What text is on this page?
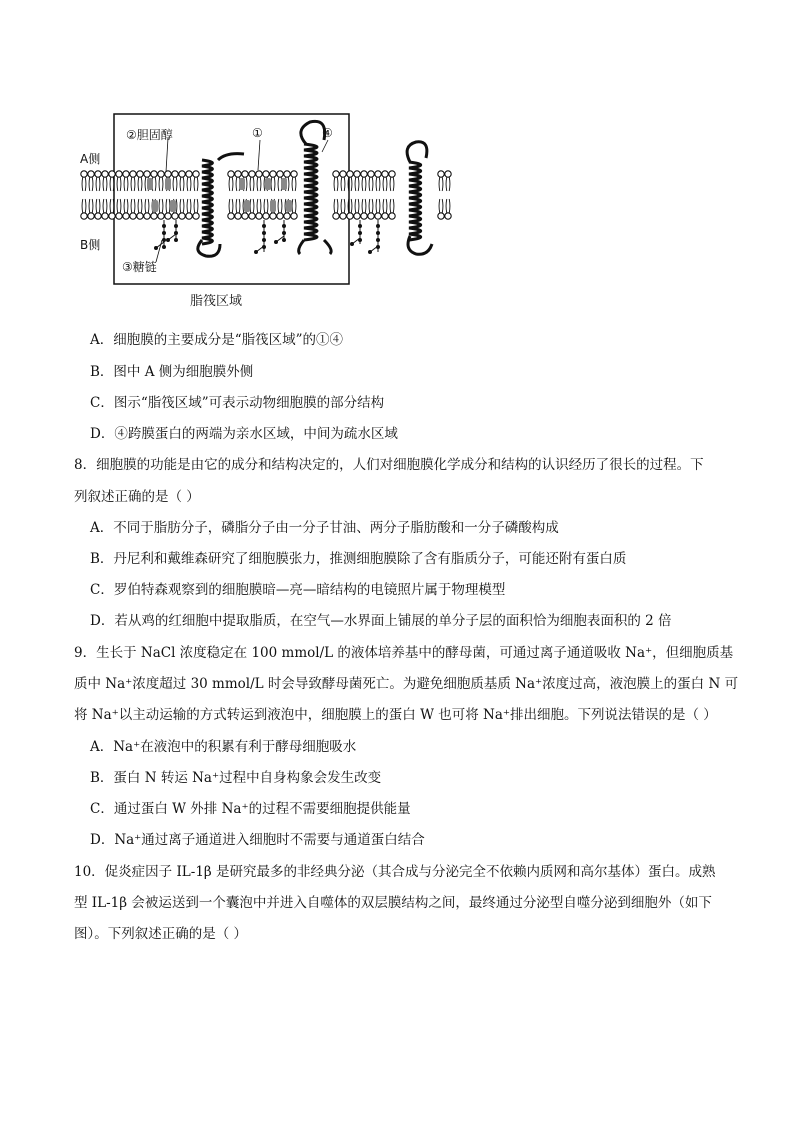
A侧
B侧
②胆固醇	①	④
③糖链
脂筏区域
A．细胞膜的主要成分是“脂筏区域”的①④
B．图中 A 侧为细胞膜外侧
C．图示“脂筏区域”可表示动物细胞膜的部分结构
D．④跨膜蛋白的两端为亲水区域，中间为疏水区域
8．细胞膜的功能是由它的成分和结构决定的，人们对细胞膜化学成分和结构的认识经历了很长的过程。下
列叙述正确的是（ ）
A．不同于脂肪分子，磷脂分子由一分子甘油、两分子脂肪酸和一分子磷酸构成
B．丹尼利和戴维森研究了细胞膜张力，推测细胞膜除了含有脂质分子，可能还附有蛋白质
C．罗伯特森观察到的细胞膜暗—亮—暗结构的电镜照片属于物理模型
D．若从鸡的红细胞中提取脂质，在空气—水界面上铺展的单分子层的面积恰为细胞表面积的 2 倍
9．生长于 NaCl 浓度稳定在 100 mmol/L 的液体培养基中的酵母菌，可通过离子通道吸收 Na⁺，但细胞质基
质中 Na⁺浓度超过 30 mmol/L 时会导致酵母菌死亡。为避免细胞质基质 Na⁺浓度过高，液泡膜上的蛋白 N 可
将 Na⁺以主动运输的方式转运到液泡中，细胞膜上的蛋白 W 也可将 Na⁺排出细胞。下列说法错误的是（ ）
A．Na⁺在液泡中的积累有利于酵母细胞吸水
B．蛋白 N 转运 Na⁺过程中自身构象会发生改变
C．通过蛋白 W 外排 Na⁺的过程不需要细胞提供能量
D．Na⁺通过离子通道进入细胞时不需要与通道蛋白结合
10．促炎症因子 IL-1β 是研究最多的非经典分泌（其合成与分泌完全不依赖内质网和高尔基体）蛋白。成熟
型 IL-1β 会被运送到一个囊泡中并进入自噬体的双层膜结构之间，最终通过分泌型自噬分泌到细胞外（如下
图）。下列叙述正确的是（ ）
